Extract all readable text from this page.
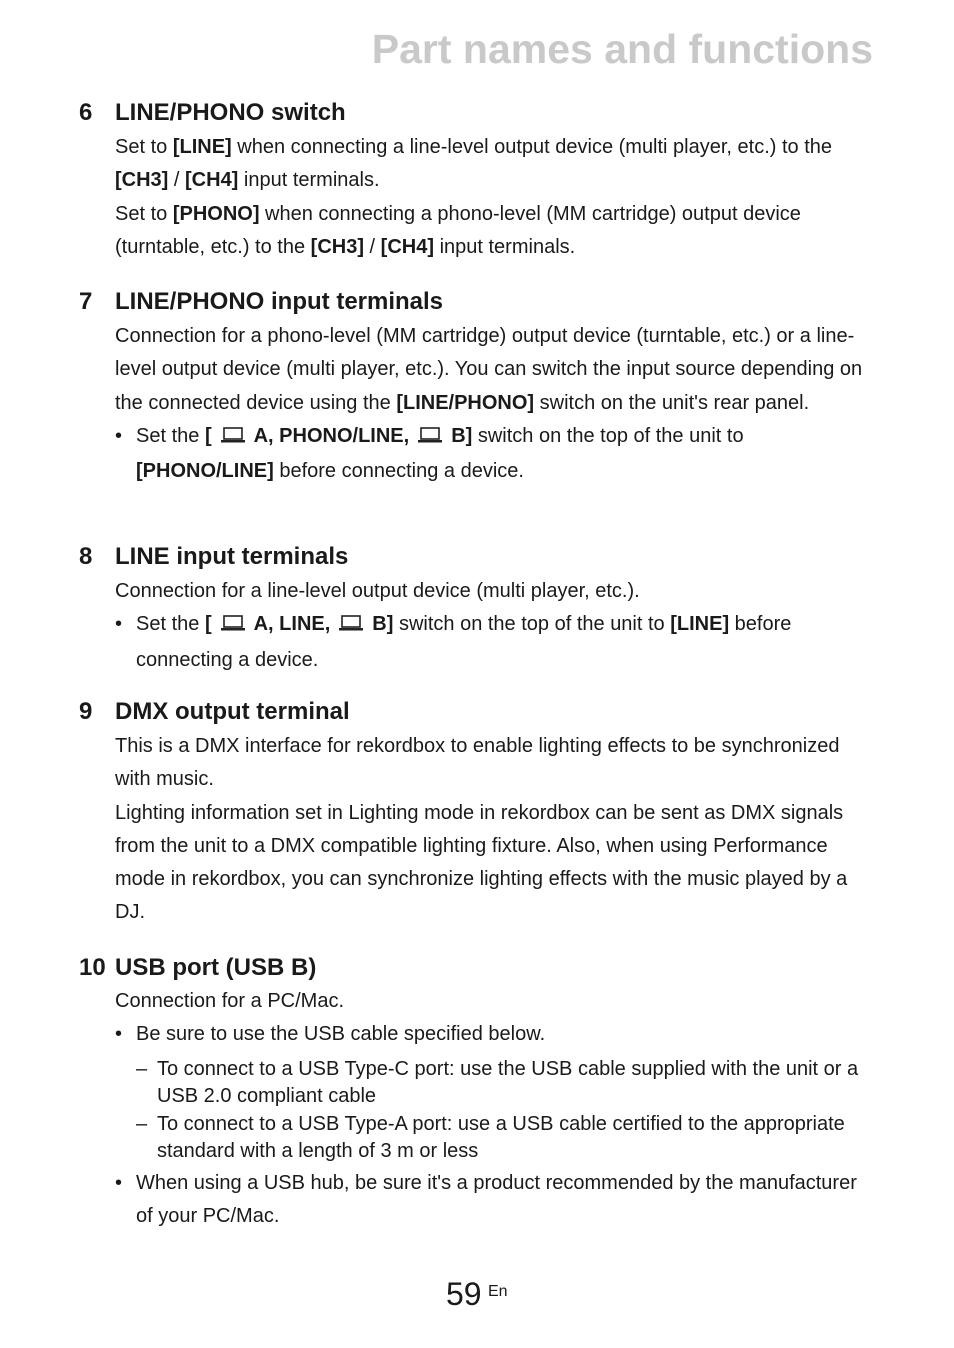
Part names and functions
6 LINE/PHONO switch

Set to [LINE] when connecting a line-level output device (multi player, etc.) to the [CH3] / [CH4] input terminals.

Set to [PHONO] when connecting a phono-level (MM cartridge) output device (turntable, etc.) to the [CH3] / [CH4] input terminals.

7 LINE/PHONO input terminals

Connection for a phono-level (MM cartridge) output device (turntable, etc.) or a line-level output device (multi player, etc.). You can switch the input source depending on the connected device using the [LINE/PHONO] switch on the unit's rear panel.

• Set the [ A, PHONO/LINE, B] switch on the top of the unit to [PHONO/LINE] before connecting a device.
8 LINE input terminals

Connection for a line-level output device (multi player, etc.).

• Set the [ A, LINE, B] switch on the top of the unit to [LINE] before connecting a device.
9 DMX output terminal

This is a DMX interface for rekordbox to enable lighting effects to be synchronized with music.

Lighting information set in Lighting mode in rekordbox can be sent as DMX signals from the unit to a DMX compatible lighting fixture. Also, when using Performance mode in rekordbox, you can synchronize lighting effects with the music played by a DJ.

10 USB port (USB B)

Connection for a PC/Mac.

• Be sure to use the USB cable specified below.
– To connect to a USB Type-C port: use the USB cable supplied with the unit or a USB 2.0 compliant cable
– To connect to a USB Type-A port: use a USB cable certified to the appropriate standard with a length of 3 m or less
• When using a USB hub, be sure it's a product recommended by the manufacturer of your PC/Mac.
59 En
